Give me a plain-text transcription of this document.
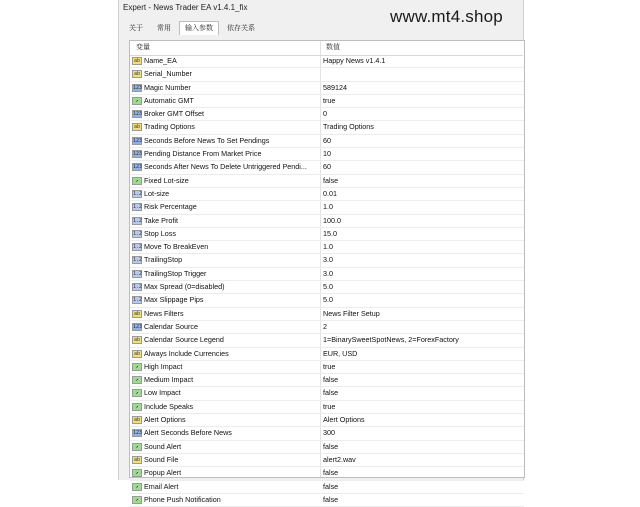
Expert - News Trader EA v1.4.1_fix
关于	常用	输入参数	依存关系
变量	数值
ab Name_EA	Happy News v1.4.1
ab Serial_Number
123 Magic Number	589124
↗ Automatic GMT	true
123 Broker GMT Offset	0
ab Trading Options	Trading Options
123 Seconds Before News To Set Pendings	60
123 Pending Distance From Market Price	10
123 Seconds After News To Delete Untriggered Pendi... 60
↗ Fixed Lot-size	false
1.2 Lot-size	0.01
1.2 Risk Percentage	1.0
1.2 Take Profit	100.0
1.2 Stop Loss	15.0
1.2 Move To BreakEven	1.0
1.2 TrailingStop	3.0
1.2 TrailingStop Trigger	3.0
1.2 Max Spread (0=disabled)	5.0
1.2 Max Slippage Pips	5.0
ab News Filters	News Filter Setup
123 Calendar Source	2
ab Calendar Source Legend	1=BinarySweetSpotNews, 2=ForexFactory
ab Always Include Currencies	EUR, USD
↗ High Impact	true
↗ Medium Impact	false
↗ Low Impact	false
↗ Include Speaks	true
ab Alert Options	Alert Options
123 Alert Seconds Before News	300
↗ Sound Alert	false
ab Sound File	alert2.wav
↗ Popup Alert	false
↗ Email Alert	false
↗ Phone Push Notification	false
www.mt4.shop
